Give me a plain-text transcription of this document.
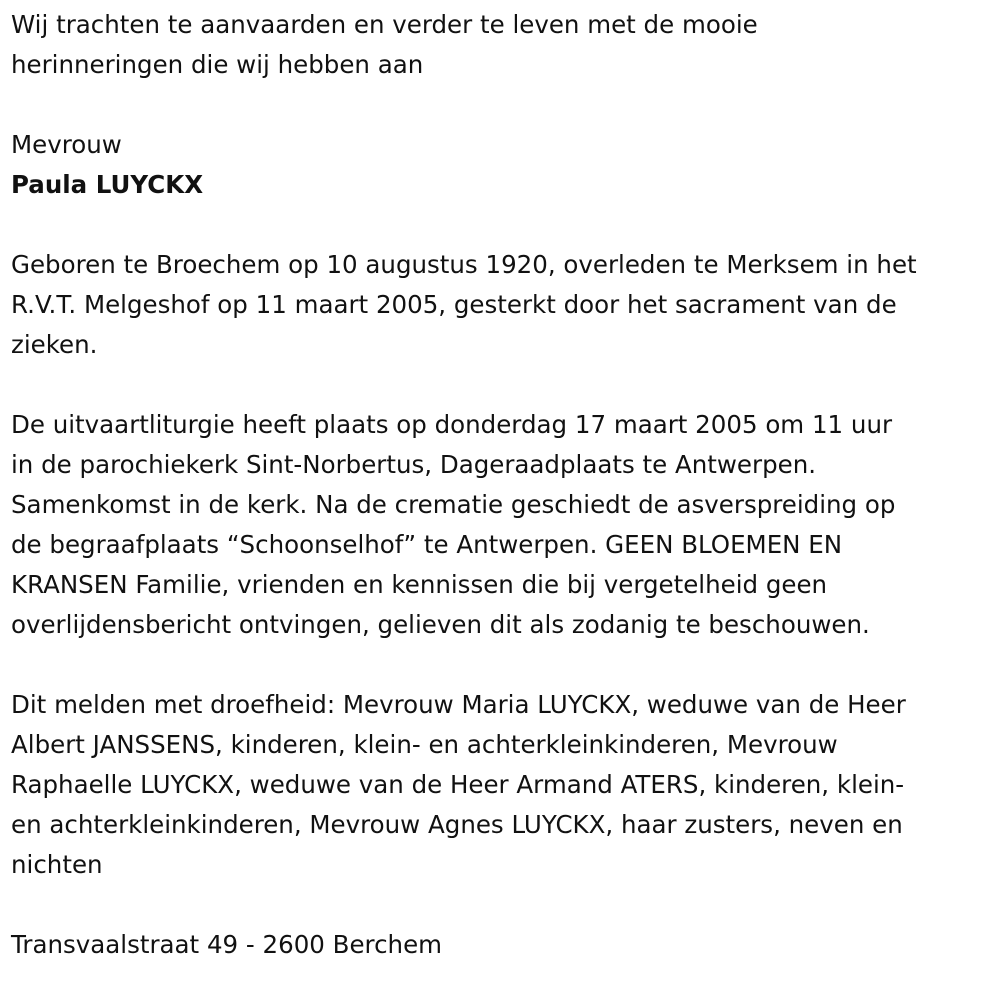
Wij trachten te aanvaarden en verder te leven met de mooie

herinneringen die wij hebben aan

Mevrouw

Paula LUYCKX

Geboren te Broechem op 10 augustus 1920, overleden te Merksem in het

R.V.T. Melgeshof op 11 maart 2005, gesterkt door het sacrament van de

zieken.

De uitvaartliturgie heeft plaats op donderdag 17 maart 2005 om 11 uur

in de parochiekerk Sint-Norbertus, Dageraadplaats te Antwerpen.

Samenkomst in de kerk. Na de crematie geschiedt de asverspreiding op

de begraafplaats “Schoonselhof” te Antwerpen. GEEN BLOEMEN EN

KRANSEN Familie, vrienden en kennissen die bij vergetelheid geen

overlijdensbericht ontvingen, gelieven dit als zodanig te beschouwen.

Dit melden met droefheid: Mevrouw Maria LUYCKX, weduwe van de Heer

Albert JANSSENS, kinderen, klein- en achterkleinkinderen, Mevrouw

Raphaelle LUYCKX, weduwe van de Heer Armand ATERS, kinderen, klein-

en achterkleinkinderen, Mevrouw Agnes LUYCKX, haar zusters, neven en

nichten

Transvaalstraat 49 - 2600 Berchem
